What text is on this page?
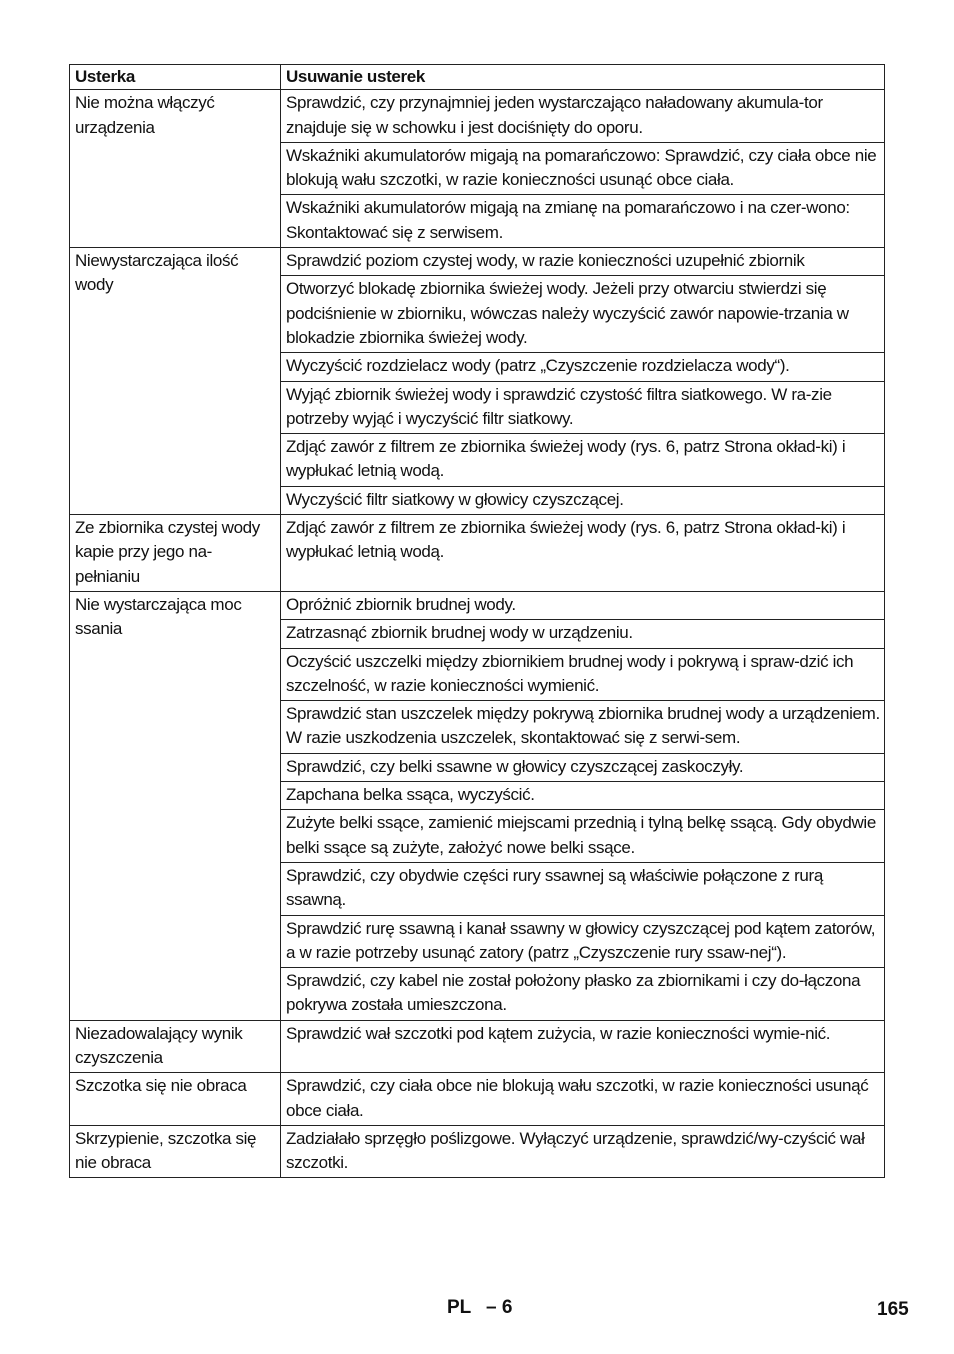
Usterka	Usuwanie usterek
Nie można włączyć urządzenia	Sprawdzić, czy przynajmniej jeden wystarczająco naładowany akumula-tor znajduje się w schowku i jest dociśnięty do oporu.
	Wskaźniki akumulatorów migają na pomarańczowo: Sprawdzić, czy ciała obce nie blokują wału szczotki, w razie konieczności usunąć obce ciała.
	Wskaźniki akumulatorów migają na zmianę na pomarańczowo i na czer-wono: Skontaktować się z serwisem.
Niewystarczająca ilość wody	Sprawdzić poziom czystej wody, w razie konieczności uzupełnić zbiornik
	Otworzyć blokadę zbiornika świeżej wody. Jeżeli przy otwarciu stwierdzi się podciśnienie w zbiorniku, wówczas należy wyczyścić zawór napowie-trzania w blokadzie zbiornika świeżej wody.
	Wyczyścić rozdzielacz wody (patrz „Czyszczenie rozdzielacza wody“).
	Wyjąć zbiornik świeżej wody i sprawdzić czystość filtra siatkowego. W ra-zie potrzeby wyjąć i wyczyścić filtr siatkowy.
	Zdjąć zawór z filtrem ze zbiornika świeżej wody (rys. 6, patrz Strona okład-ki) i wypłukać letnią wodą.
	Wyczyścić filtr siatkowy w głowicy czyszczącej.
Ze zbiornika czystej wody kapie przy jego na-pełnianiu	Zdjąć zawór z filtrem ze zbiornika świeżej wody (rys. 6, patrz Strona okład-ki) i wypłukać letnią wodą.
Nie wystarczająca moc ssania	Opróżnić zbiornik brudnej wody.
	Zatrzasnąć zbiornik brudnej wody w urządzeniu.
	Oczyścić uszczelki między zbiornikiem brudnej wody i pokrywą i spraw-dzić ich szczelność, w razie konieczności wymienić.
	Sprawdzić stan uszczelek między pokrywą zbiornika brudnej wody a urządzeniem. W razie uszkodzenia uszczelek, skontaktować się z serwi-sem.
	Sprawdzić, czy belki ssawne w głowicy czyszczącej zaskoczyły.
	Zapchana belka ssąca, wyczyścić.
	Zużyte belki ssące, zamienić miejscami przednią i tylną belkę ssącą. Gdy obydwie belki ssące są zużyte, założyć nowe belki ssące.
	Sprawdzić, czy obydwie części rury ssawnej są właściwie połączone z rurą ssawną.
	Sprawdzić rurę ssawną i kanał ssawny w głowicy czyszczącej pod kątem zatorów, a w razie potrzeby usunąć zatory (patrz „Czyszczenie rury ssaw-nej“).
	Sprawdzić, czy kabel nie został położony płasko za zbiornikami i czy do-łączona pokrywa została umieszczona.
Niezadowalający wynik czyszczenia	Sprawdzić wał szczotki pod kątem zużycia, w razie konieczności wymie-nić.
Szczotka się nie obraca	Sprawdzić, czy ciała obce nie blokują wału szczotki, w razie konieczności usunąć obce ciała.
Skrzypienie, szczotka się nie obraca	Zadziałało sprzęgło poślizgowe. Wyłączyć urządzenie, sprawdzić/wy-czyścić wał szczotki.
PL – 6	165
